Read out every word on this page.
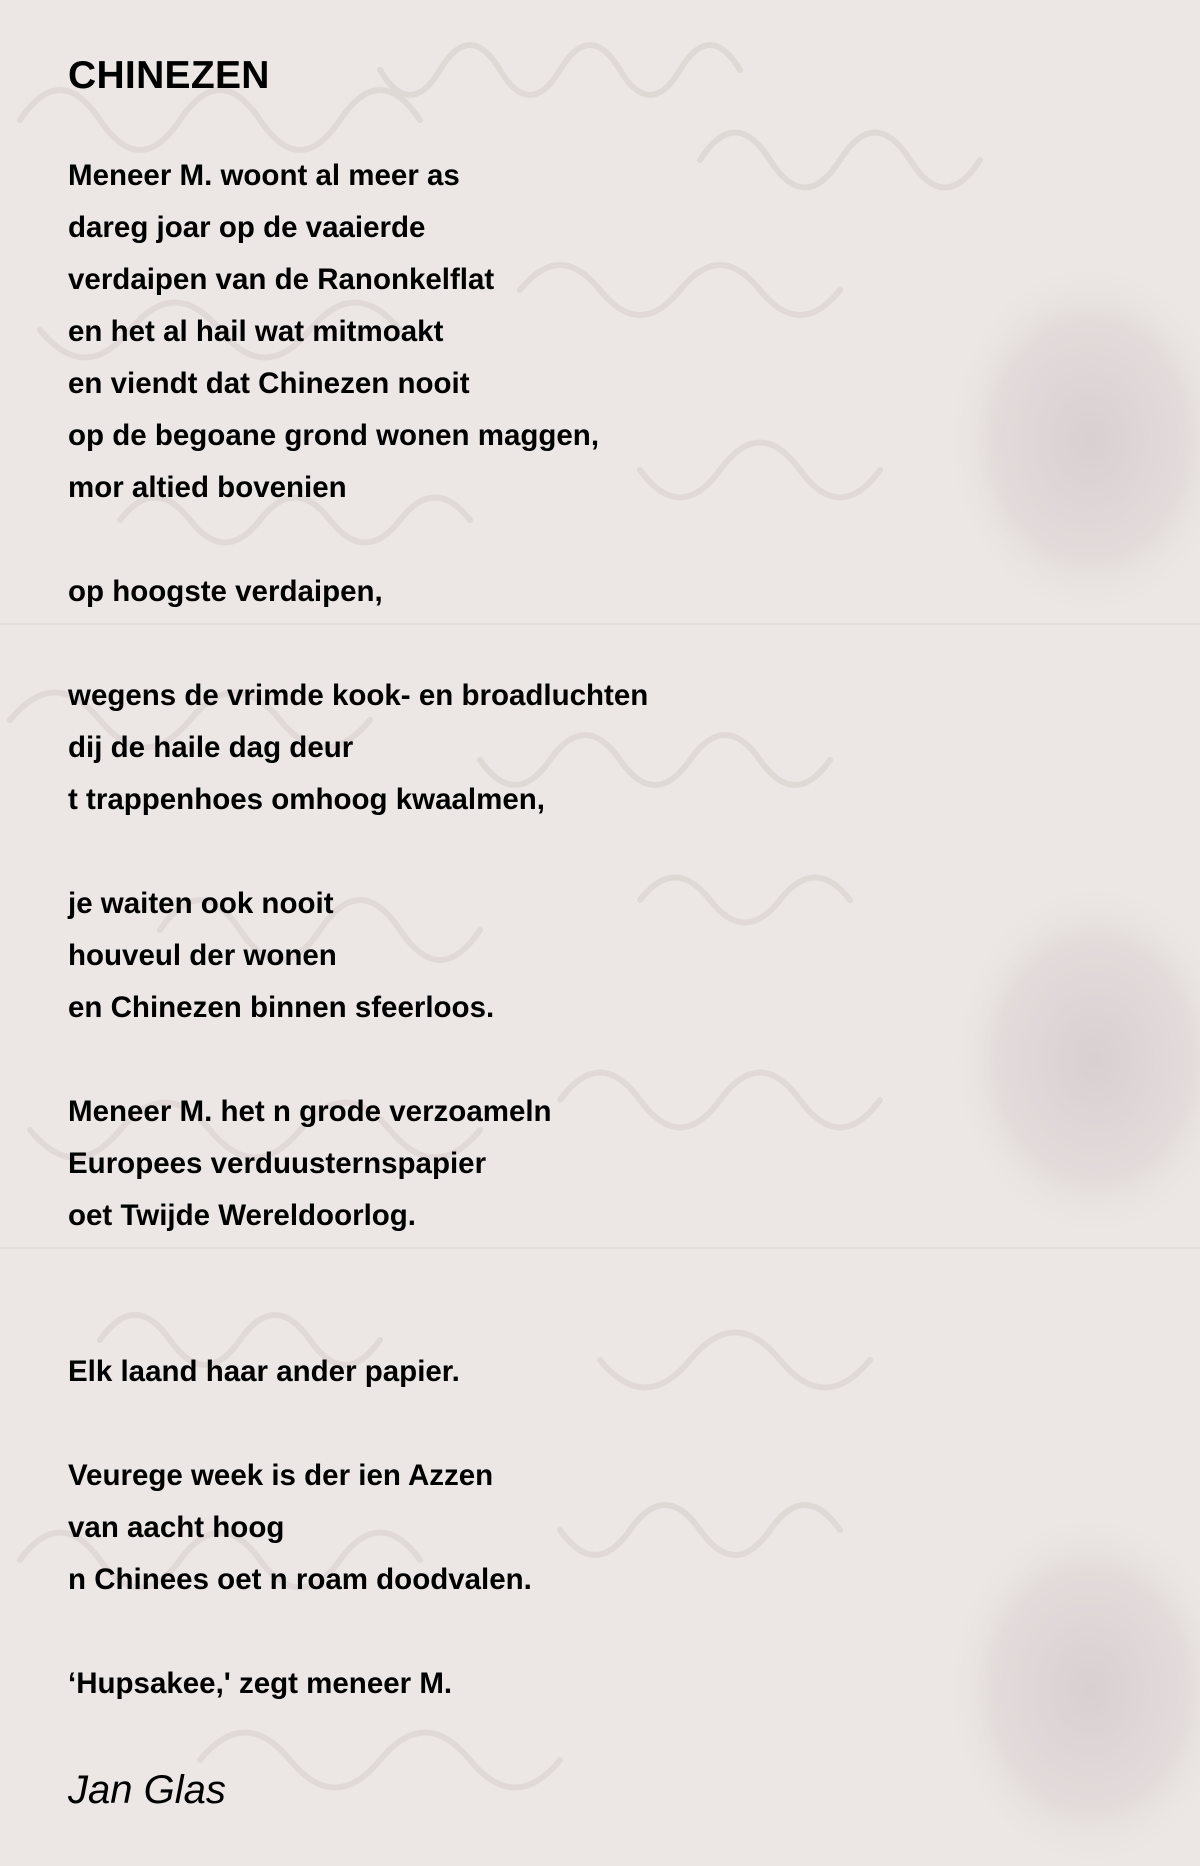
CHINEZEN
Meneer M. woont al meer as
dareg joar op de vaaierde
verdaipen van de Ranonkelflat
en het al hail wat mitmoakt
en viendt dat Chinezen nooit
op de begoane grond wonen maggen,
mor altied bovenien
op hoogste verdaipen,
wegens de vrimde kook- en broadluchten
dij de haile dag deur
t trappenhoes omhoog kwaalmen,
je waiten ook nooit
houveul der wonen
en Chinezen binnen sfeerloos.
Meneer M. het n grode verzoameln
Europees verduusternspapier
oet Twijde Wereldoorlog.
Elk laand haar ander papier.
Veurege week is der ien Azzen
van aacht hoog
n Chinees oet n roam doodvalen.
‘Hupsakee,' zegt meneer M.
Jan Glas
